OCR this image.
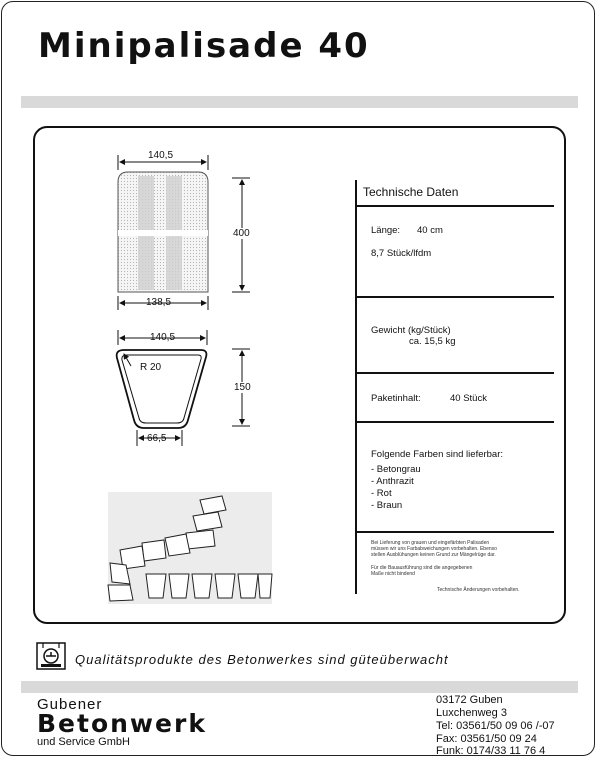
Minipalisade 40
140,5
400
138,5
140,5
R 20
150
66,5
Technische Daten
Länge: 40 cm
8,7 Stück/lfdm
Gewicht (kg/Stück)
ca. 15,5 kg
Paketinhalt:	40 Stück
Folgende Farben sind lieferbar:
- Betongrau
- Anthrazit
- Rot
- Braun
Bei Lieferung von grauen und eingefärbten Palisaden
müssen wir uns Farbabweichungen vorbehalten. Ebenso
stellen Ausblühungen keinen Grund zur Mängelrüge dar.
Für die Bauausführung sind die angegebenen
Maße nicht bindend
Technische Änderungen vorbehalten.
Qualitätsprodukte des Betonwerkes sind güteüberwacht
Gubener
Betonwerk
und Service GmbH
03172 Guben
Luxchenweg 3
Tel: 03561/50 09 06 /-07
Fax: 03561/50 09 24
Funk: 0174/33 11 76 4
